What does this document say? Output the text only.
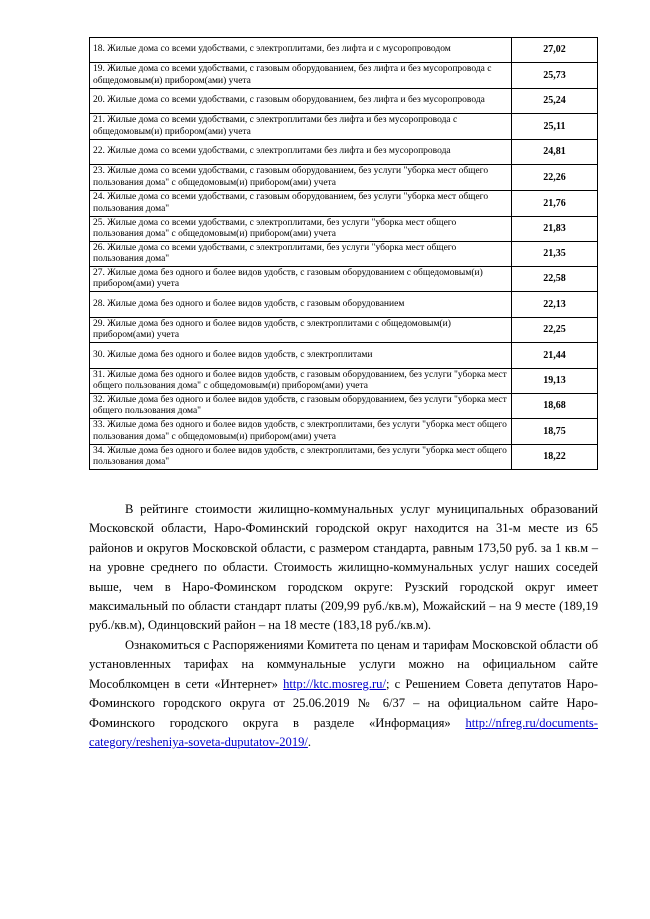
18. Жилые дома со всеми удобствами, с электроплитами, без лифта и с мусоропроводом	27,02
19. Жилые дома со всеми удобствами, с газовым оборудованием, без лифта и без мусоропровода с общедомовым(и) прибором(ами) учета	25,73
20. Жилые дома со всеми удобствами, с газовым оборудованием, без лифта и без мусоропровода	25,24
21. Жилые дома со всеми удобствами, с электроплитами без лифта и без мусоропровода с общедомовым(и) прибором(ами) учета	25,11
22. Жилые дома со всеми удобствами, с электроплитами без лифта и без мусоропровода	24,81
23. Жилые дома со всеми удобствами, с газовым оборудованием, без услуги "уборка мест общего пользования дома" с общедомовым(и) прибором(ами) учета	22,26
24. Жилые дома со всеми удобствами, с газовым оборудованием, без услуги "уборка мест общего пользования дома"	21,76
25. Жилые дома со всеми удобствами, с электроплитами, без услуги "уборка мест общего пользования дома" с общедомовым(и) прибором(ами) учета	21,83
26. Жилые дома со всеми удобствами, с электроплитами, без услуги "уборка мест общего пользования дома"	21,35
27. Жилые дома без одного и более видов удобств, с газовым оборудованием с общедомовым(и) прибором(ами) учета	22,58
28. Жилые дома без одного и более видов удобств, с газовым оборудованием	22,13
29. Жилые дома без одного и более видов удобств, с электроплитами с общедомовым(и) прибором(ами) учета	22,25
30. Жилые дома без одного и более видов удобств, с электроплитами	21,44
31. Жилые дома без одного и более видов удобств, с газовым оборудованием, без услуги "уборка мест общего пользования дома" с общедомовым(и) прибором(ами) учета	19,13
32. Жилые дома без одного и более видов удобств, с газовым оборудованием, без услуги "уборка мест общего пользования дома"	18,68
33. Жилые дома без одного и более видов удобств, с электроплитами, без услуги "уборка мест общего пользования дома" с общедомовым(и) прибором(ами) учета	18,75
34. Жилые дома без одного и более видов удобств, с электроплитами, без услуги "уборка мест общего пользования дома"	18,22

В рейтинге стоимости жилищно-коммунальных услуг муниципальных образований Московской области, Наро-Фоминский городской округ находится на 31-м месте из 65 районов и округов Московской области, с размером стандарта, равным 173,50 руб. за 1 кв.м – на уровне среднего по области. Стоимость жилищно-коммунальных услуг наших соседей выше, чем в Наро-Фоминском городском округе: Рузский городской округ имеет максимальный по области стандарт платы (209,99 руб./кв.м), Можайский – на 9 месте (189,19 руб./кв.м), Одинцовский район – на 18 месте (183,18 руб./кв.м).

Ознакомиться с Распоряжениями Комитета по ценам и тарифам Московской области об установленных тарифах на коммунальные услуги можно на официальном сайте Мособлкомцен в сети «Интернет» http://ktc.mosreg.ru/; с Решением Совета депутатов Наро-Фоминского городского округа от 25.06.2019 № 6/37 – на официальном сайте Наро-Фоминского городского округа в разделе «Информация» http://nfreg.ru/documents-category/resheniya-soveta-duputatov-2019/.
